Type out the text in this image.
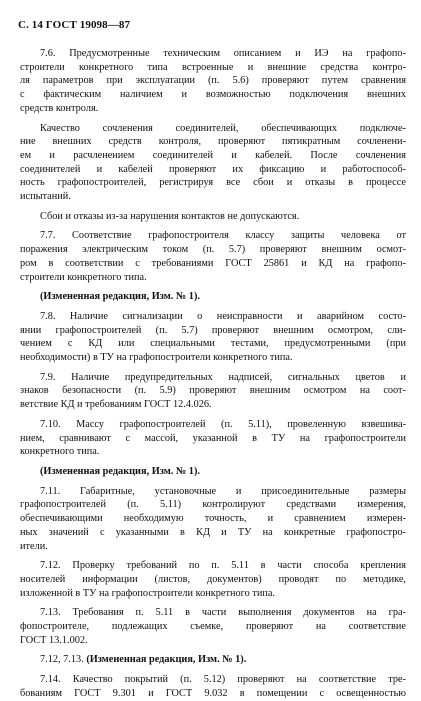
С. 14 ГОСТ 19098—87
7.6. Предусмотренные техническим описанием и ИЭ на графопо-
строители конкретного типа встроенные и внешние средства контро-
ля параметров при эксплуатации (п. 5.6) проверяют путем сравнения
с фактическим наличием и возможностью подключения внешних
средств контроля.
Качество сочленения соединителей, обеспечивающих подключе-
ние внешних средств контроля, проверяют пятикратным сочленени-
ем и расчленением соединителей и кабелей. После сочленения
соединителей и кабелей проверяют их фиксацию и работоспособ-
ность графопостроителей, регистрируя все сбои и отказы в процессе
испытаний.
Сбои и отказы из-за нарушения контактов не допускаются.
7.7. Соответствие графопостроителя классу защиты человека от
поражения электрическим током (п. 5.7) проверяют внешним осмот-
ром в соответствии с требованиями ГОСТ 25861 и КД на графопо-
строители конкретного типа.
(Измененная редакция, Изм. № 1).
7.8. Наличие сигнализации о неисправности и аварийном состо-
янии графопостроителей (п. 5.7) проверяют внешним осмотром, сли-
чением с КД или специальными тестами, предусмотренными (при
необходимости) в ТУ на графопостроители конкретного типа.
7.9. Наличие предупредительных надписей, сигнальных цветов и
знаков безопасности (п. 5.9) проверяют внешним осмотром на соот-
ветствие КД и требованиям ГОСТ 12.4.026.
7.10. Массу графопостроителей (п. 5.11), провеленную взвешива-
нием, сравнивают с массой, указанной в ТУ на графопостроители
конкретного типа.
(Измененная редакция, Изм. № 1).
7.11. Габаритные, установочные и присоединительные размеры
графопостроителей (п. 5.11) контролируют средствами измерения,
обеспечивающими необходимую точность, и сравнением измерен-
ных значений с указанными в КД и ТУ на конкретные графопостро-
ители.
7.12. Проверку требований по п. 5.11 в части способа крепления
носителей информации (листов, документов) проводят по методике,
изложенной в ТУ на графопостроители конкретного типа.
7.13. Требования п. 5.11 в части выполнения документов на гра-
фопостроителе, подлежащих съемке, проверяют на соответствие
ГОСТ 13.1.002.
7.12, 7.13. (Измененная редакция, Изм. № 1).
7.14. Качество покрытий (п. 5.12) проверяют на соответствие тре-
бованиям ГОСТ 9.301 и ГОСТ 9.032 в помещении с освещенностью
